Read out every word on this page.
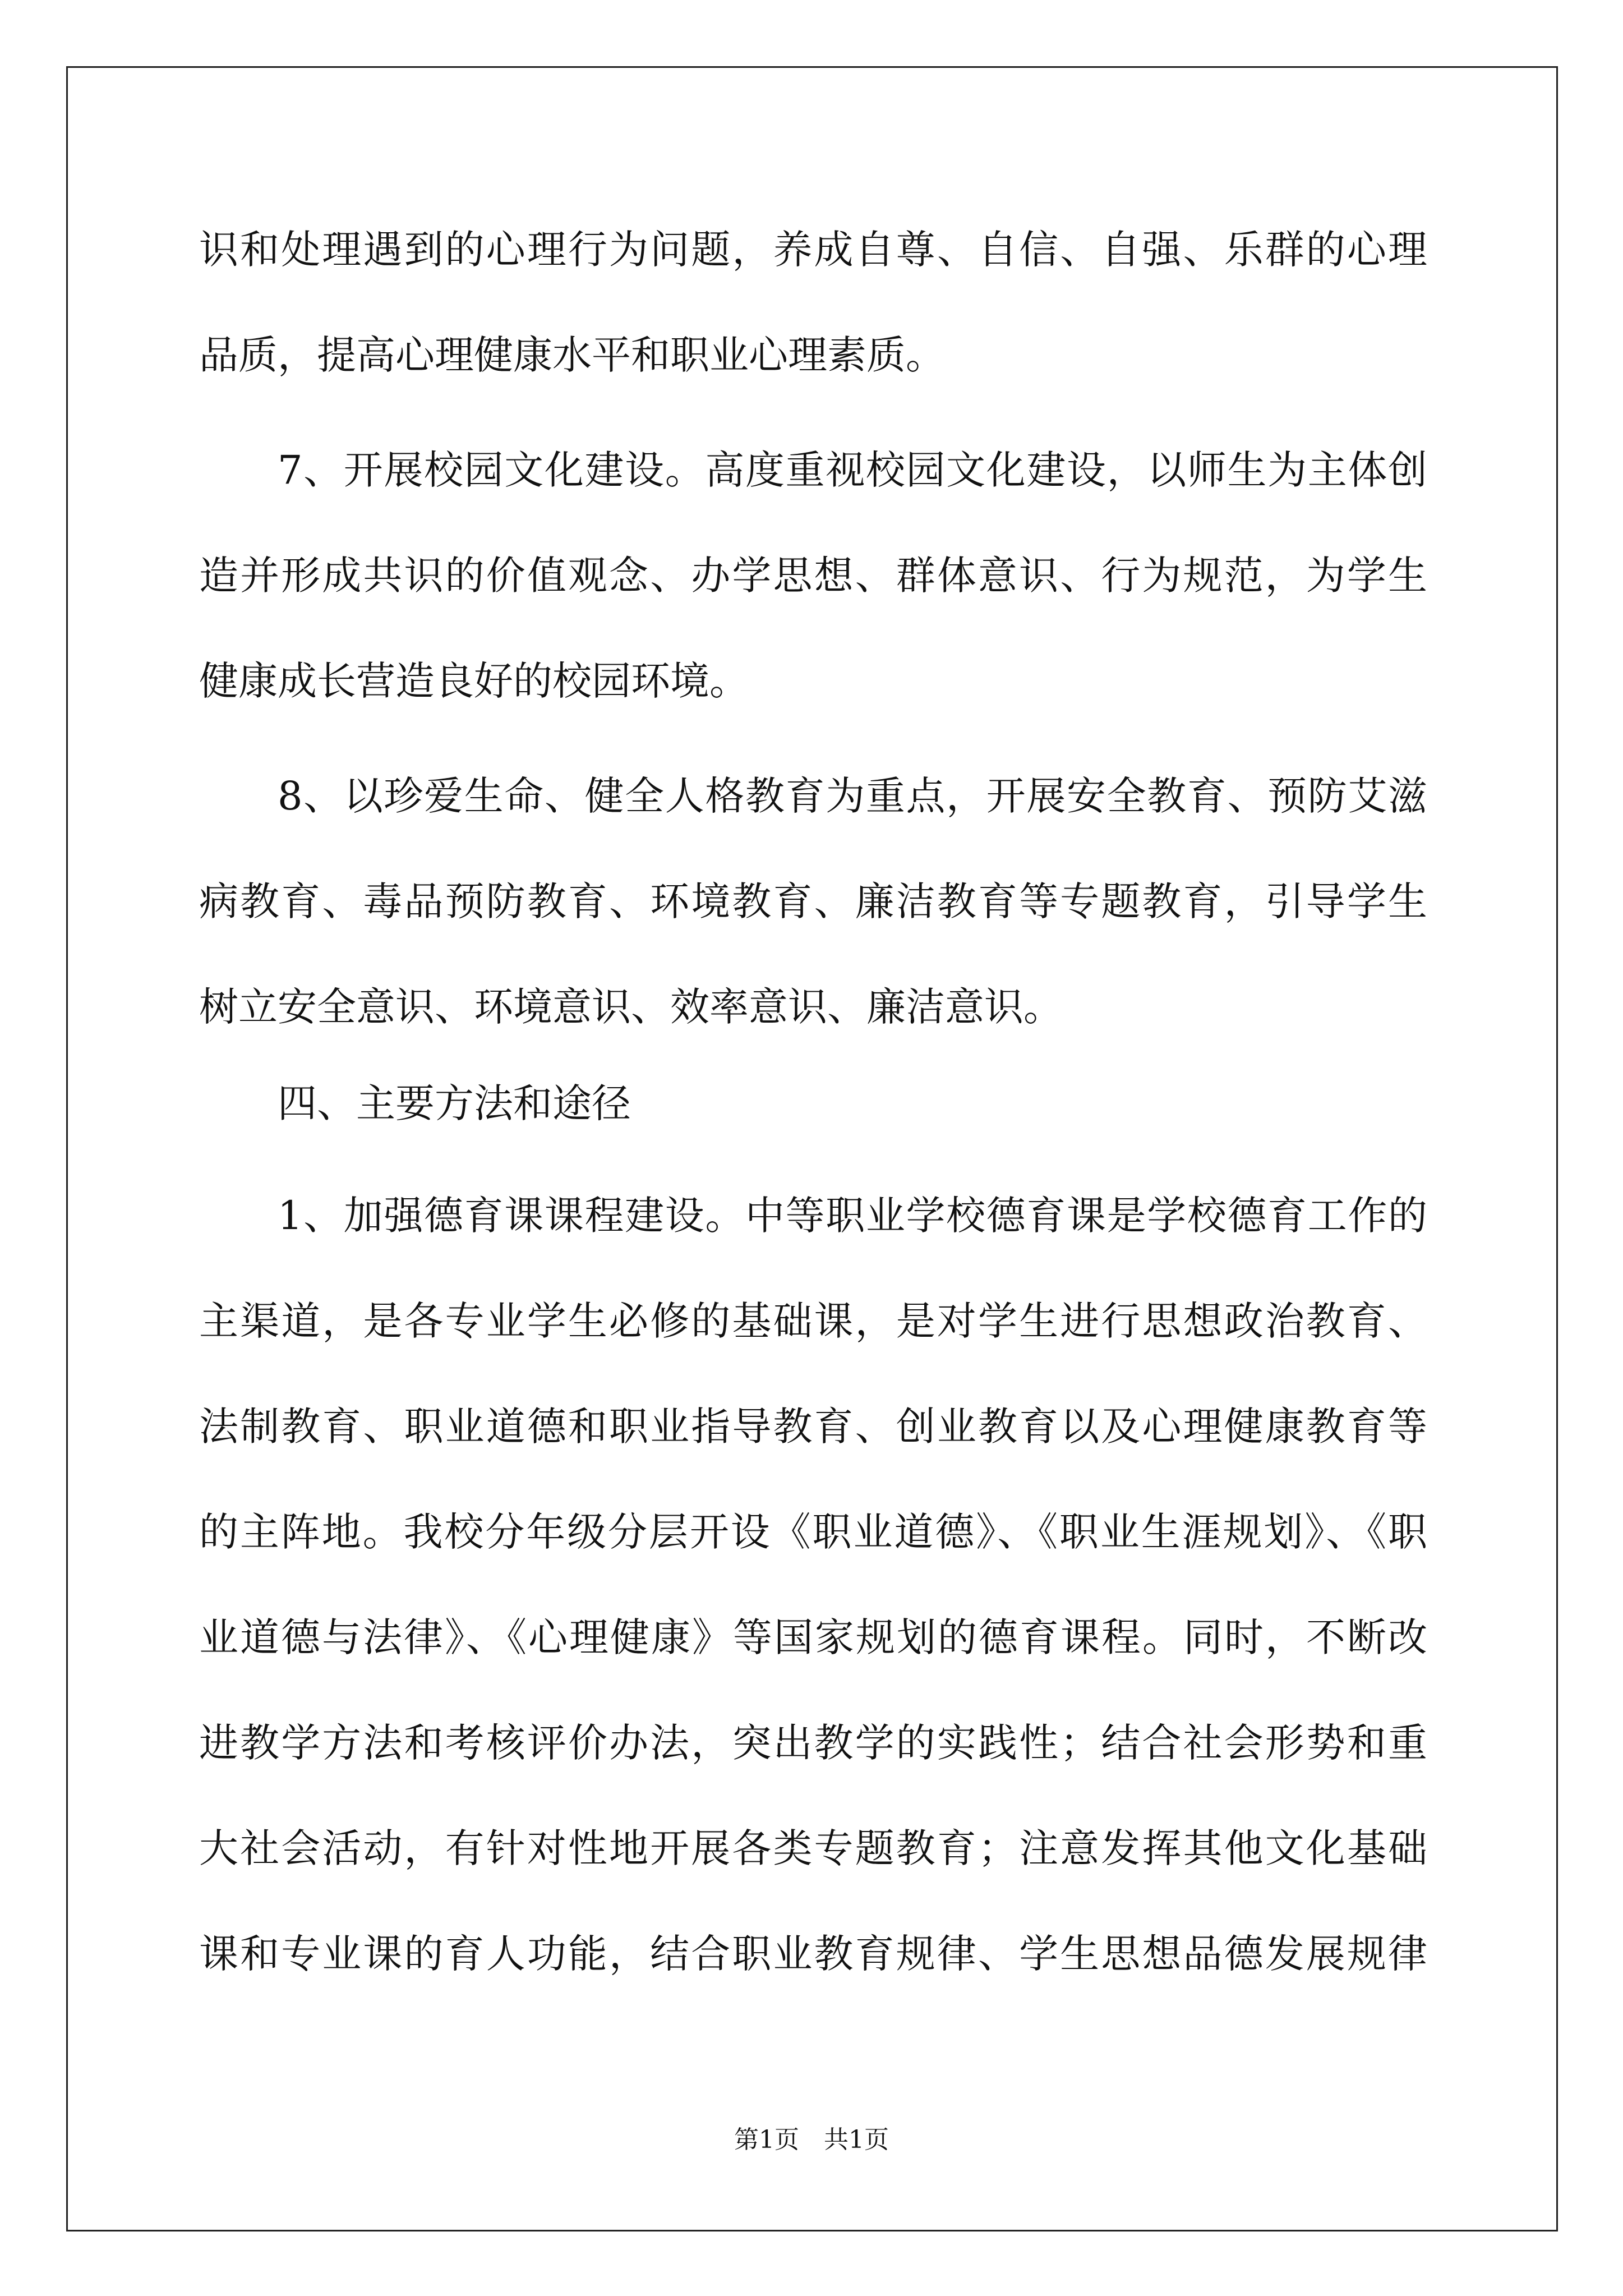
识和处理遇到的心理行为问题，养成自尊、自信、自强、乐群的心理
品质，提高心理健康水平和职业心理素质。
7、开展校园文化建设。高度重视校园文化建设，以师生为主体创
造并形成共识的价值观念、办学思想、群体意识、行为规范，为学生
健康成长营造良好的校园环境。
8、以珍爱生命、健全人格教育为重点，开展安全教育、预防艾滋
病教育、毒品预防教育、环境教育、廉洁教育等专题教育，引导学生
树立安全意识、环境意识、效率意识、廉洁意识。
四、主要方法和途径
1、加强德育课课程建设。中等职业学校德育课是学校德育工作的
主渠道，是各专业学生必修的基础课，是对学生进行思想政治教育、
法制教育、职业道德和职业指导教育、创业教育以及心理健康教育等
的主阵地。我校分年级分层开设《职业道德》、《职业生涯规划》、《职
业道德与法律》、《心理健康》等国家规划的德育课程。同时，不断改
进教学方法和考核评价办法，突出教学的实践性；结合社会形势和重
大社会活动，有针对性地开展各类专题教育；注意发挥其他文化基础
课和专业课的育人功能，结合职业教育规律、学生思想品德发展规律
第1页　共1页
